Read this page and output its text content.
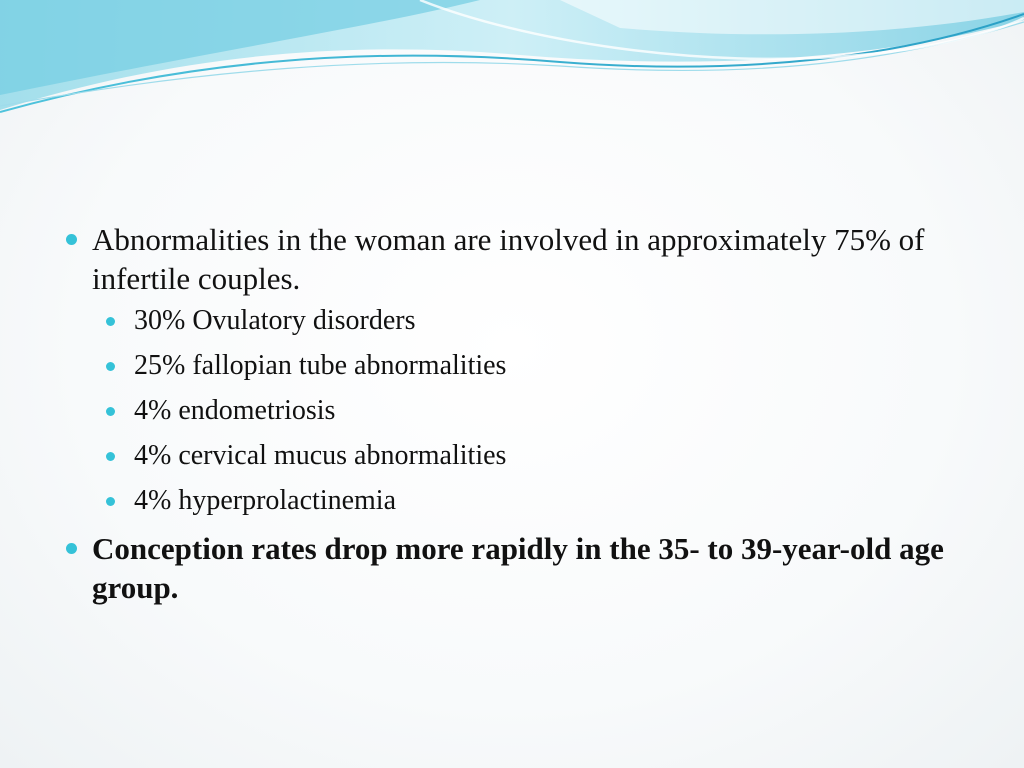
Abnormalities in the woman are involved in approximately 75% of infertile couples.
30% Ovulatory disorders
25% fallopian tube abnormalities
4% endometriosis
4% cervical mucus abnormalities
4% hyperprolactinemia
Conception rates drop more rapidly in the 35- to 39-year-old age group.
